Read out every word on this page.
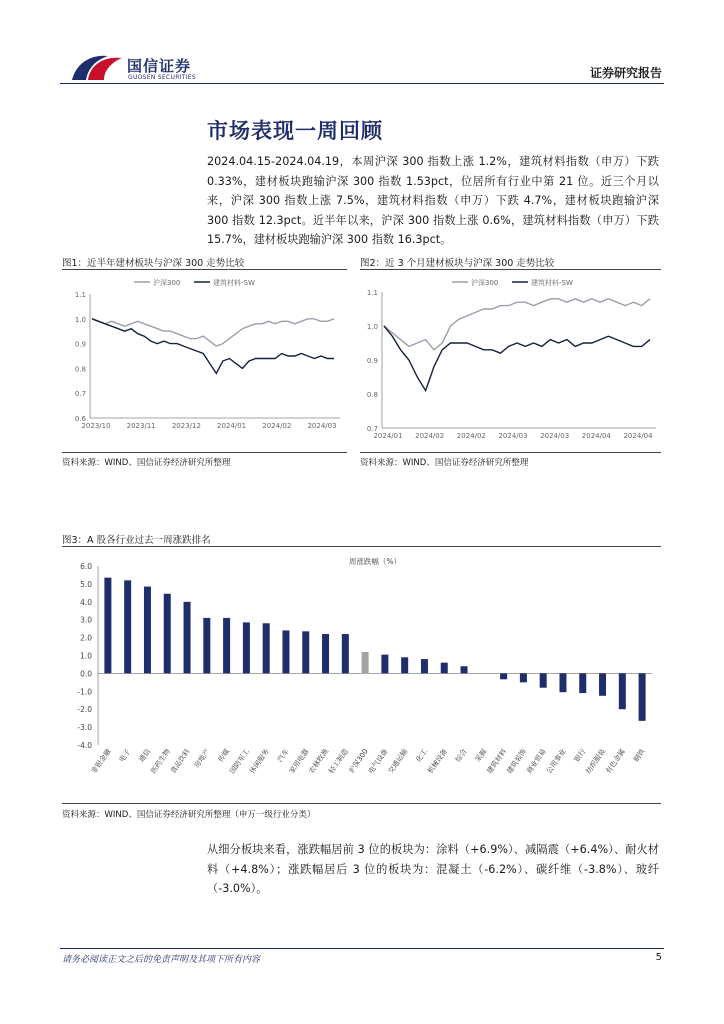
国信证券
GUOSEN SECURITIES	证券研究报告
市场表现一周回顾
2024.04.15-2024.04.19，本周沪深 300 指数上涨 1.2%，建筑材料指数（申万）下跌 0.33%，建材板块跑输沪深 300 指数 1.53pct，位居所有行业中第 21 位。近三个月以来，沪深 300 指数上涨 7.5%，建筑材料指数（申万）下跌 4.7%，建材板块跑输沪深 300 指数 12.3pct。近半年以来，沪深 300 指数上涨 0.6%，建筑材料指数（申万）下跌 15.7%，建材板块跑输沪深 300 指数 16.3pct。
图1：近半年建材板块与沪深 300 走势比较
0.6
0.7
0.8
0.9
1.0
1.1
2023/10 2023/11 2023/12 2024/01 2024/02 2024/03
沪深300	建筑材料-SW
资料来源：WIND、国信证券经济研究所整理
图2：近 3 个月建材板块与沪深 300 走势比较
0.7
0.8
0.9
1.0
1.1
2024/01 2024/02 2024/02 2024/03 2024/03 2024/04 2024/04
沪深300	建筑材料-SW
资料来源：WIND、国信证券经济研究所整理
图3：A 股各行业过去一周涨跌排名
周涨跌幅（%）
6.0
5.0
4.0
3.0
2.0
1.0
0.0
-1.0
-2.0
-3.0
-4.0
非银金融 电子 通信
医药生物
食品饮料 房地产 传媒
国防军工
休闲服务 汽车
家用电器
农林牧渔
轻工制造
沪深300
电气设备
交通运输 化工
机械设备 综合 采掘
建筑材料
建筑装饰
商业贸易
公用事业 银行
纺织服装
有色金属 钢铁
资料来源：WIND、国信证券经济研究所整理（申万一级行业分类）
从细分板块来看，涨跌幅居前 3 位的板块为：涂料（+6.9%）、减隔震（+6.4%）、耐火材料（+4.8%）；涨跌幅居后 3 位的板块为：混凝土（-6.2%）、碳纤维（-3.8%）、玻纤（-3.0%）。
请务必阅读正文之后的免责声明及其项下所有内容	5
